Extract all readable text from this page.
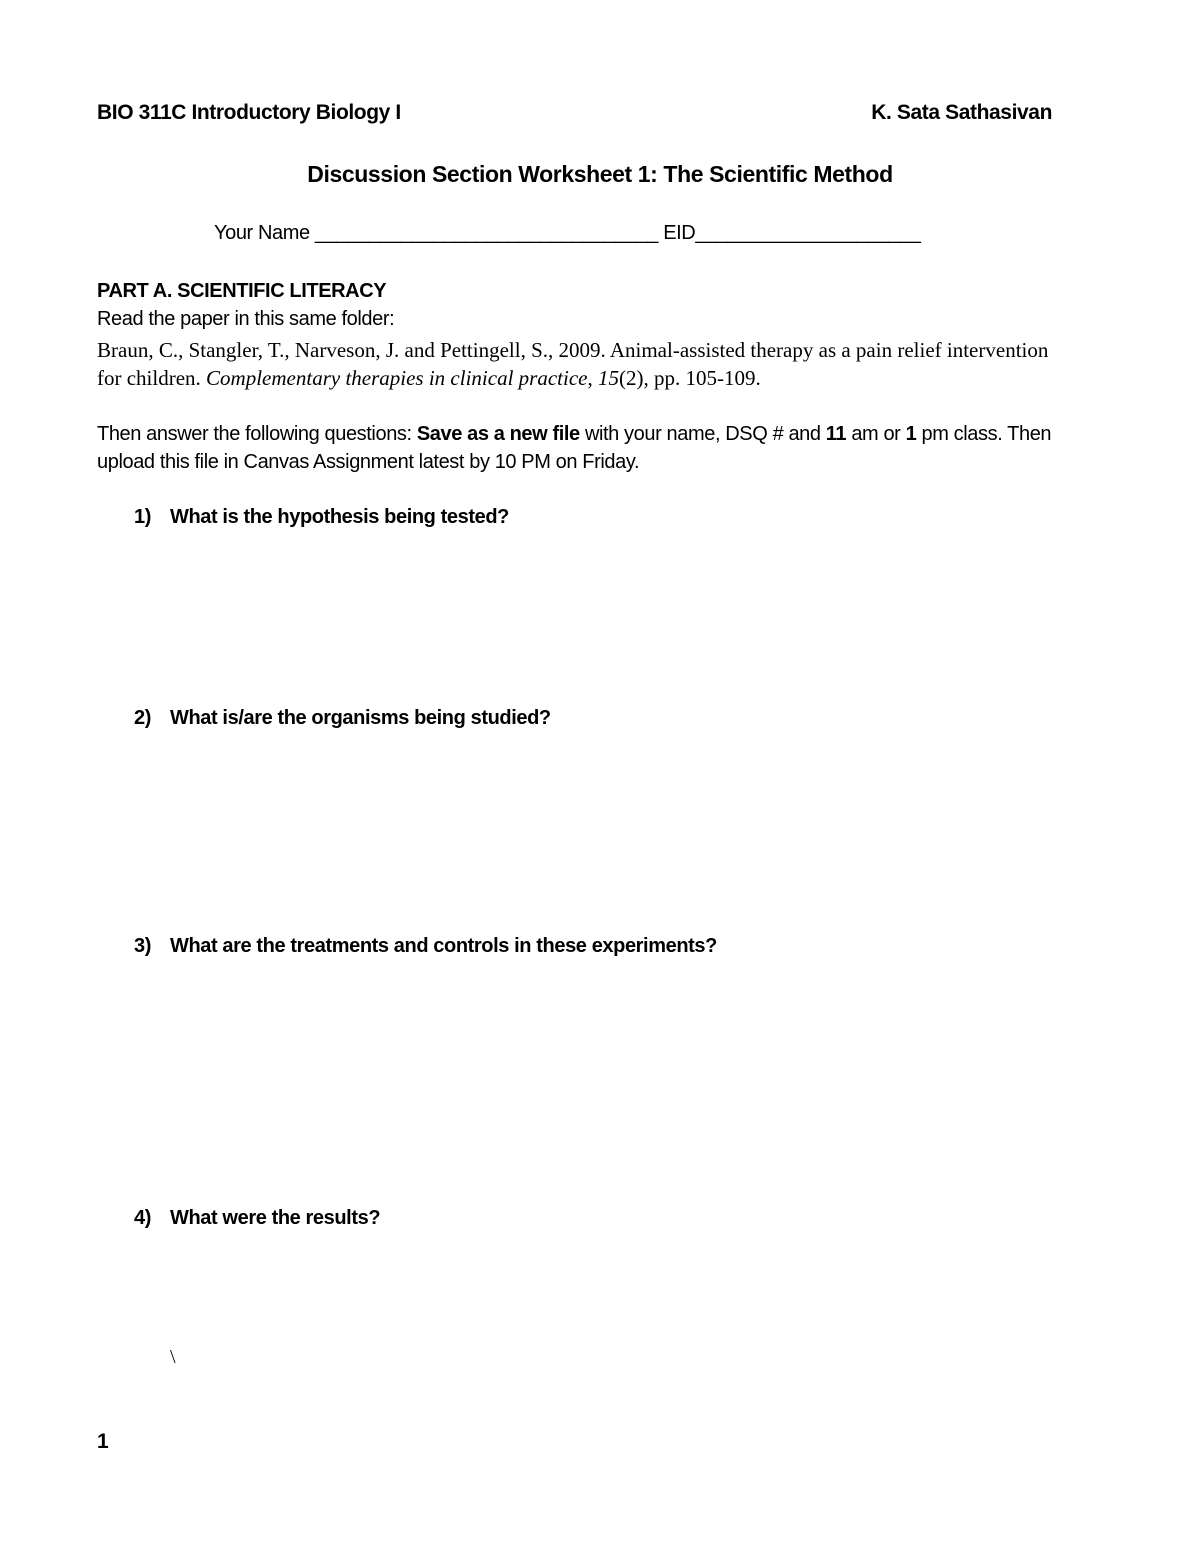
BIO 311C Introductory Biology I	K. Sata Sathasivan
Discussion Section Worksheet 1: The Scientific Method
Your Name ________________________________ EID_____________________
PART A. SCIENTIFIC LITERACY
Read the paper in this same folder:
Braun, C., Stangler, T., Narveson, J. and Pettingell, S., 2009. Animal-assisted therapy as a pain relief intervention for children. Complementary therapies in clinical practice, 15(2), pp. 105-109.
Then answer the following questions: Save as a new file with your name, DSQ # and 11 am or 1 pm class. Then upload this file in Canvas Assignment latest by 10 PM on Friday.
1) What is the hypothesis being tested?
2) What is/are the organisms being studied?
3) What are the treatments and controls in these experiments?
4) What were the results?
\
1
